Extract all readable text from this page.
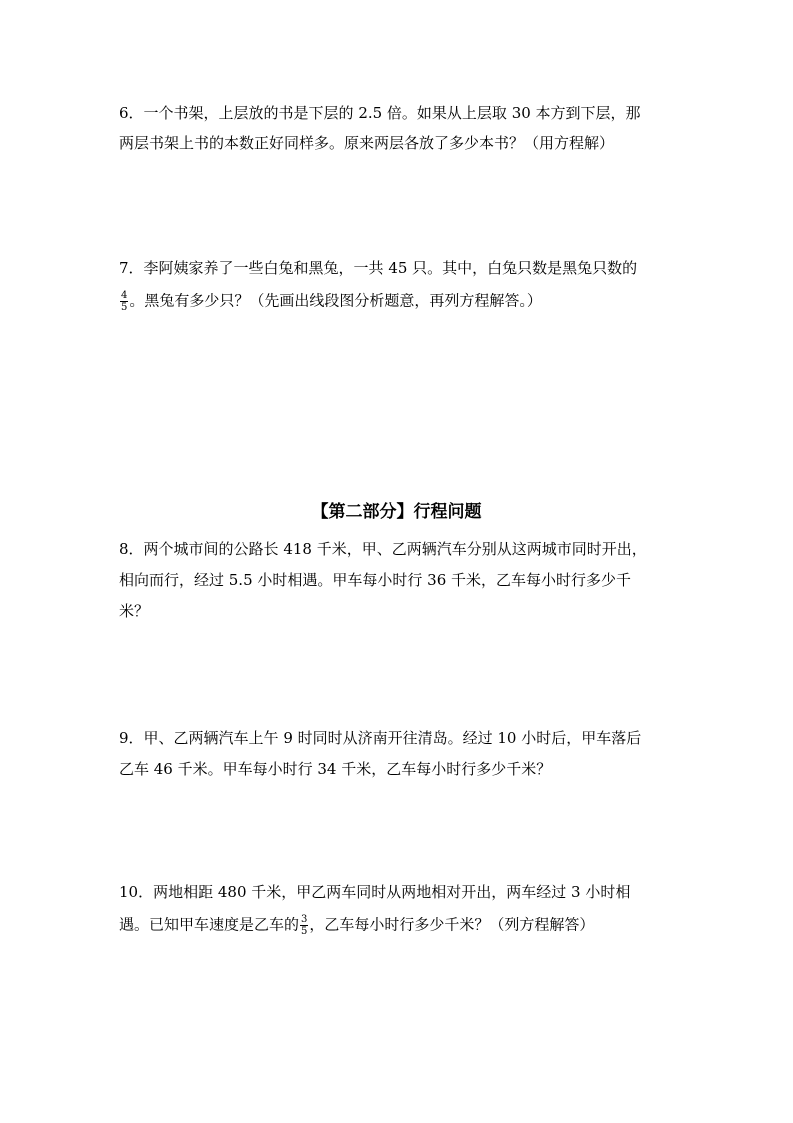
6．一个书架，上层放的书是下层的 2.5 倍。如果从上层取 30 本方到下层，那
两层书架上书的本数正好同样多。原来两层各放了多少本书？（用方程解）
7．李阿姨家养了一些白兔和黑兔，一共 45 只。其中，白兔只数是黑兔只数的
$\frac{4}{5}$ 。黑兔有多少只？（先画出线段图分析题意，再列方程解答。）
【第二部分】行程问题
8．两个城市间的公路长 418 千米，甲、乙两辆汽车分别从这两城市同时开出，
相向而行，经过 5.5 小时相遇。甲车每小时行 36 千米，乙车每小时行多少千
米？
9．甲、乙两辆汽车上午 9 时同时从济南开往清岛。经过 10 小时后，甲车落后
乙车 46 千米。甲车每小时行 34 千米，乙车每小时行多少千米？
10．两地相距 480 千米，甲乙两车同时从两地相对开出，两车经过 3 小时相
遇。已知甲车速度是乙车的 $\frac{3}{5}$ ，乙车每小时行多少千米？（列方程解答）
